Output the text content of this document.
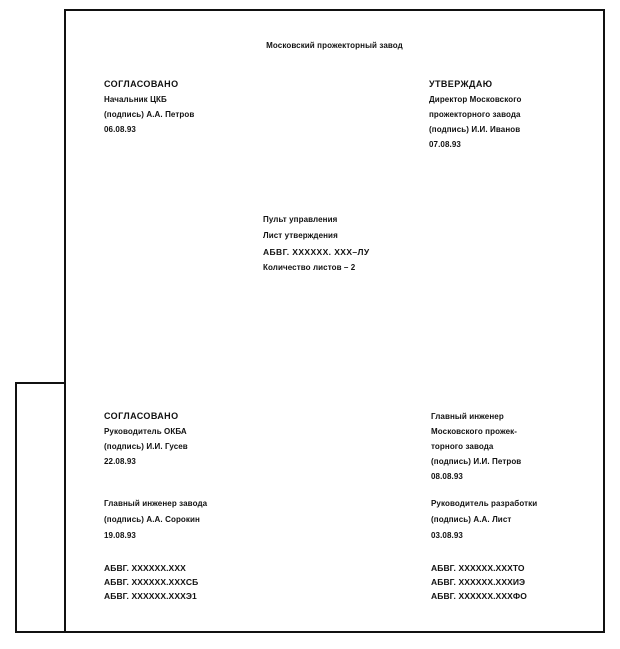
Московский прожекторный завод
СОГЛАСОВАНО
Начальник ЦКБ
(подпись) А.А. Петров
06.08.93
УТВЕРЖДАЮ
Директор Московского
прожекторного завода
(подпись) И.И. Иванов
07.08.93
Пульт управления
Лист утверждения
АБВГ. XXXXXX. XXX–ЛУ
Количество листов – 2
СОГЛАСОВАНО
Руководитель ОКБА
(подпись) И.И. Гусев
22.08.93
Главный инженер завода
(подпись) А.А. Сорокин
19.08.93
АБВГ. XXXXXX.XXX
АБВГ. XXXXXX.XXXСБ
АБВГ. XXXXXX.XXXЭ1
Главный инженер
Московского прожек-
торного завода
(подпись) И.И. Петров
08.08.93
Руководитель разработки
(подпись) А.А. Лист
03.08.93
АБВГ. XXXXXX.XXXТО
АБВГ. XXXXXX.XXXИЭ
АБВГ. XXXXXX.XXXФО
